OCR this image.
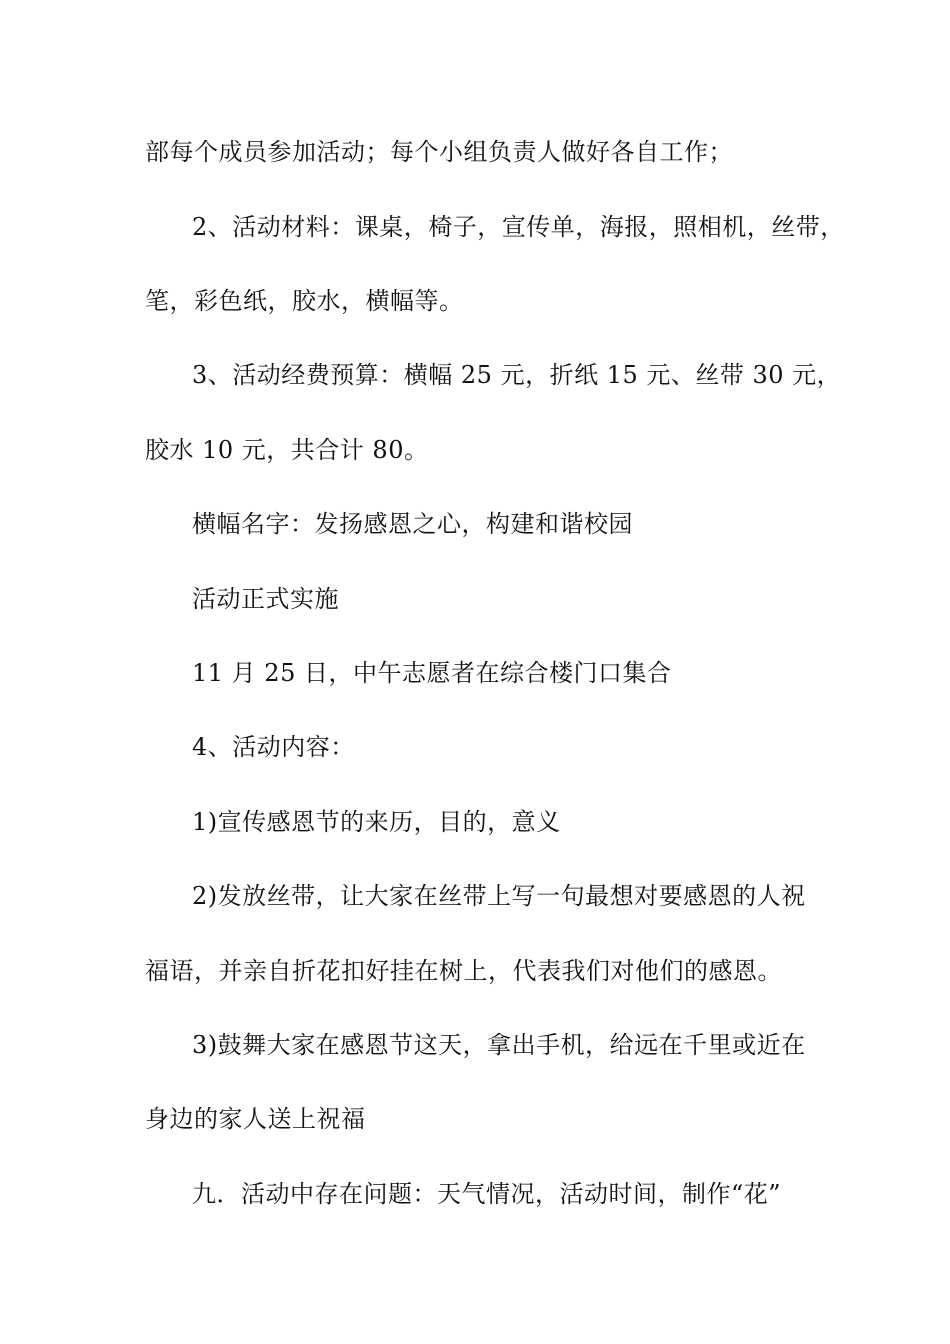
部每个成员参加活动；每个小组负责人做好各自工作；
2、活动材料：课桌，椅子，宣传单，海报，照相机，丝带，
笔，彩色纸，胶水，横幅等。
3、活动经费预算：横幅 25 元，折纸 15 元、丝带 30 元，
胶水 10 元，共合计 80。
横幅名字：发扬感恩之心，构建和谐校园
活动正式实施
11 月 25 日，中午志愿者在综合楼门口集合
4、活动内容：
1)宣传感恩节的来历，目的，意义
2)发放丝带，让大家在丝带上写一句最想对要感恩的人祝
福语，并亲自折花扣好挂在树上，代表我们对他们的感恩。
3)鼓舞大家在感恩节这天，拿出手机，给远在千里或近在
身边的家人送上祝福
九．活动中存在问题：天气情况，活动时间，制作“花”
